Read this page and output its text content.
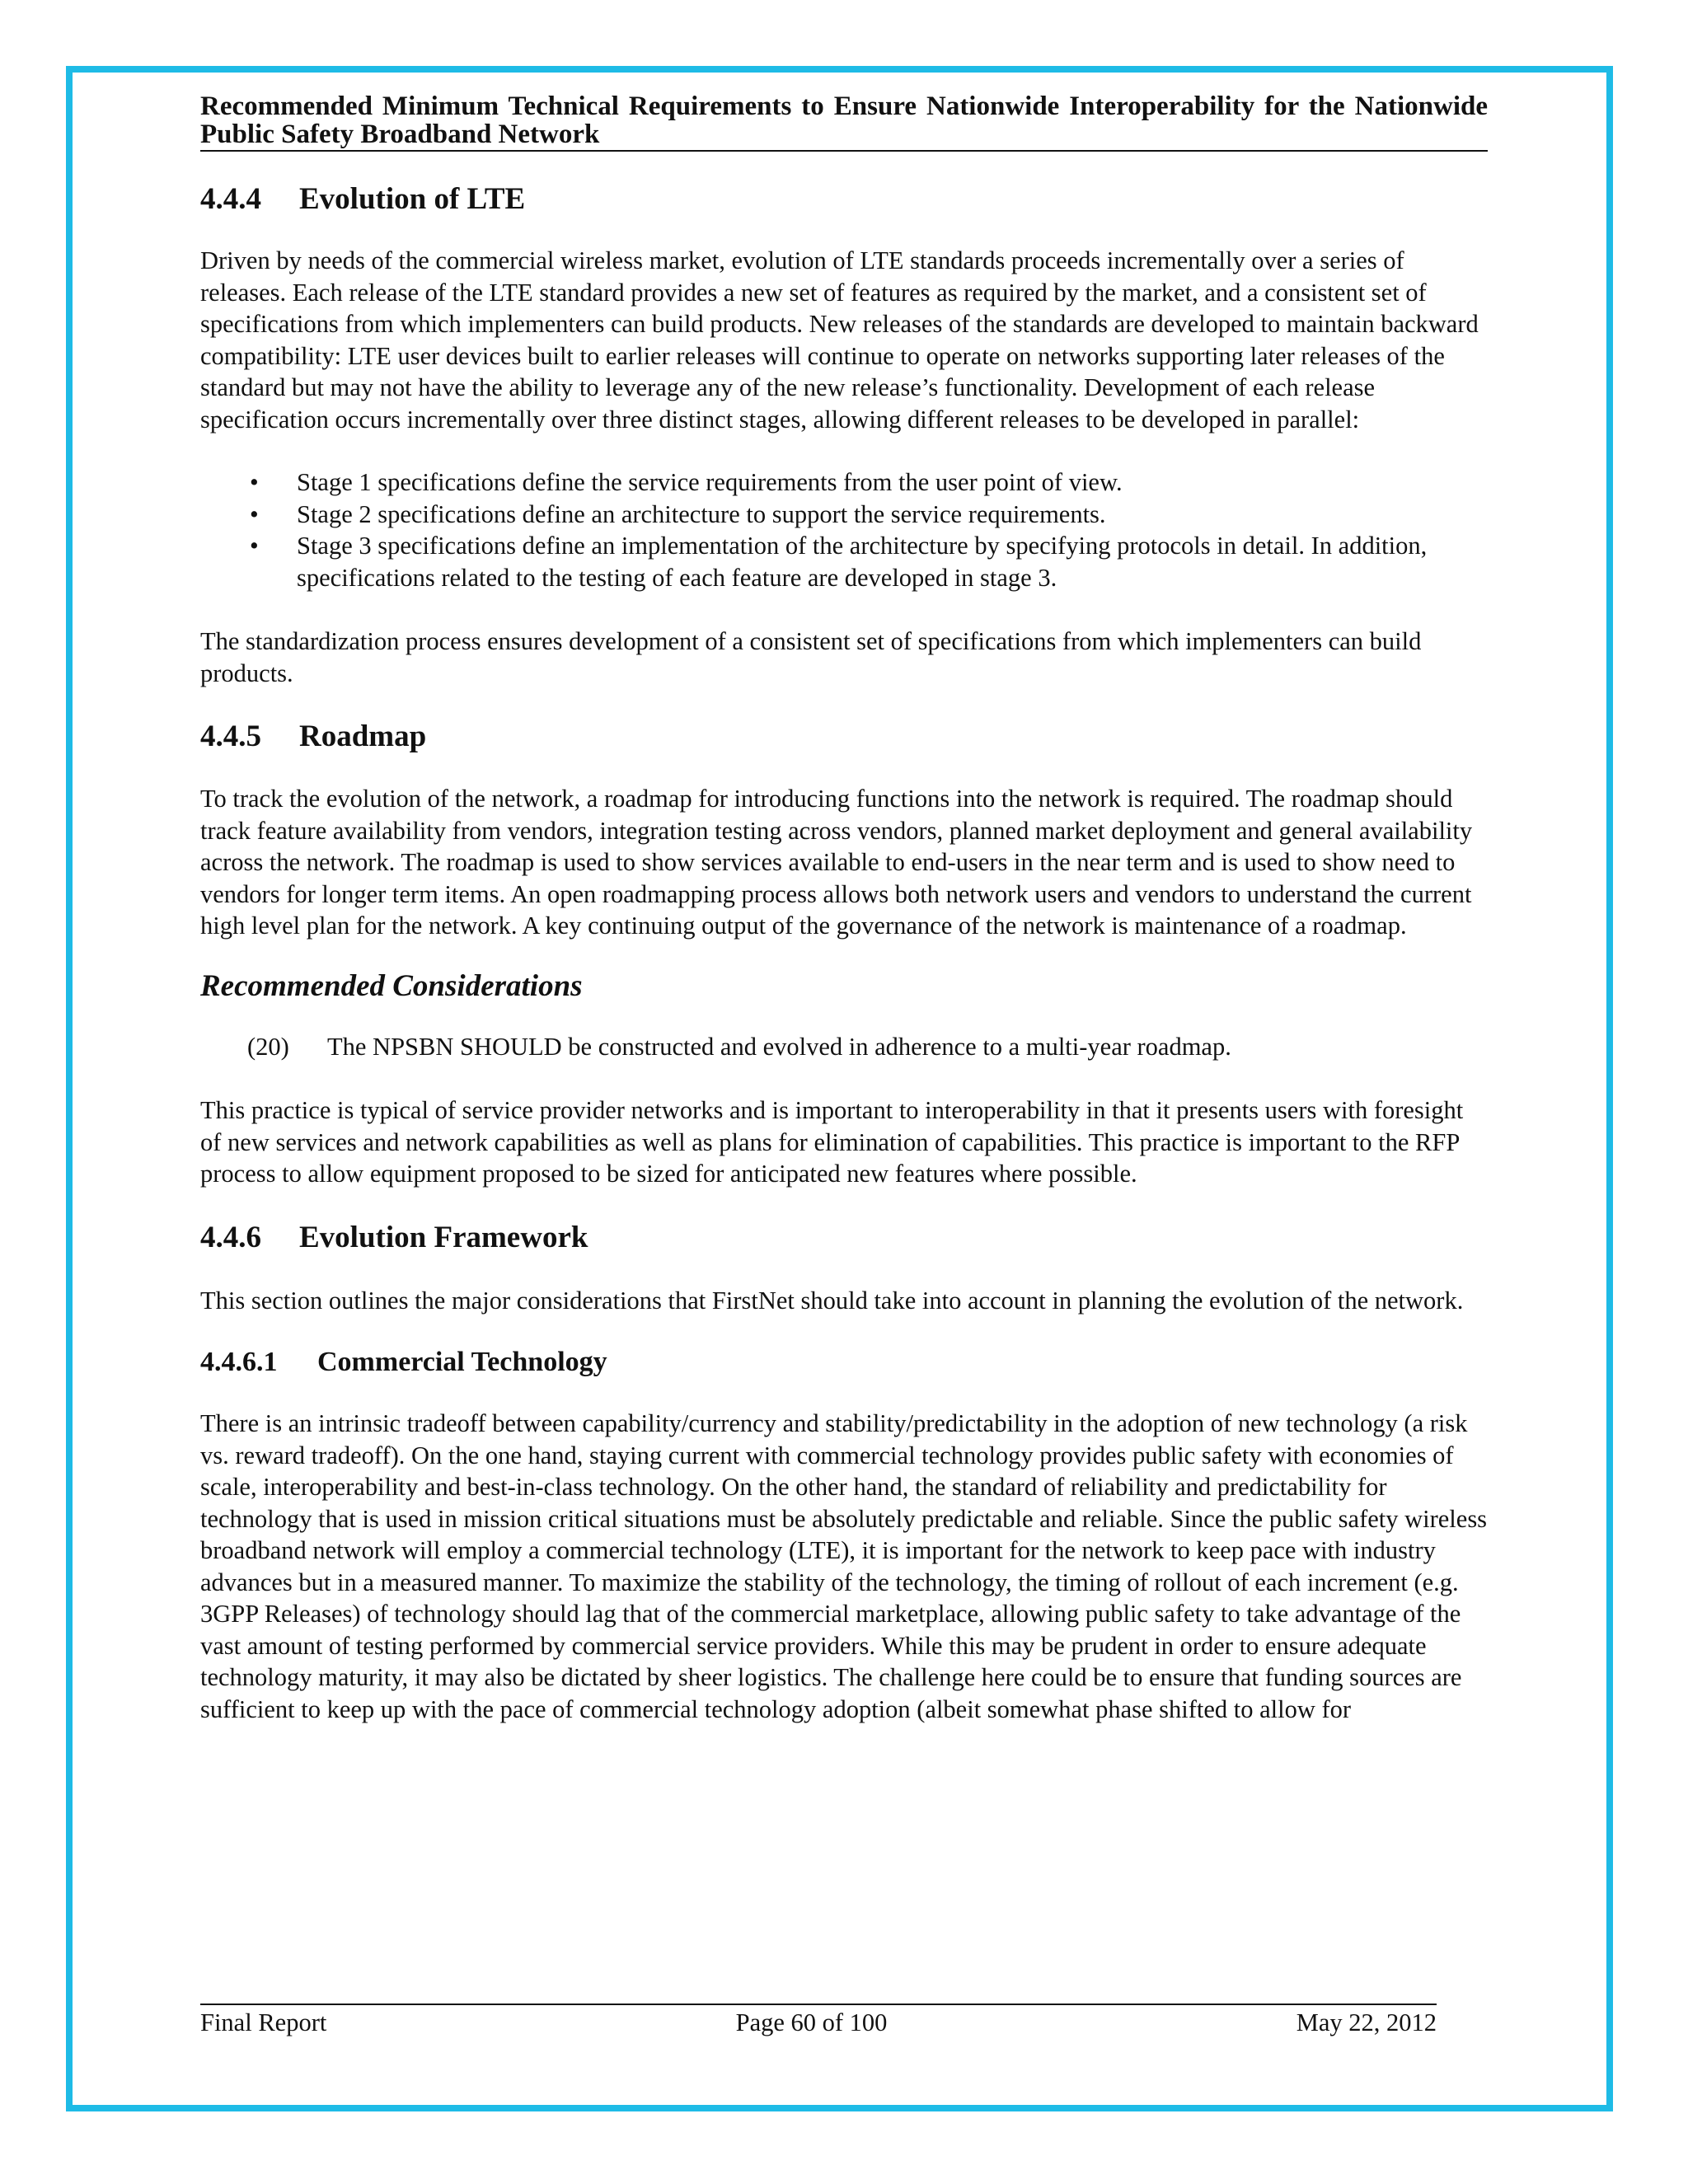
Recommended Minimum Technical Requirements to Ensure Nationwide Interoperability for the Nationwide Public Safety Broadband Network
4.4.4 Evolution of LTE

Driven by needs of the commercial wireless market, evolution of LTE standards proceeds incrementally over a series of releases. Each release of the LTE standard provides a new set of features as required by the market, and a consistent set of specifications from which implementers can build products. New releases of the standards are developed to maintain backward compatibility: LTE user devices built to earlier releases will continue to operate on networks supporting later releases of the standard but may not have the ability to leverage any of the new release’s functionality. Development of each release specification occurs incrementally over three distinct stages, allowing different releases to be developed in parallel:

• Stage 1 specifications define the service requirements from the user point of view.
• Stage 2 specifications define an architecture to support the service requirements.
• Stage 3 specifications define an implementation of the architecture by specifying protocols in detail. In addition, specifications related to the testing of each feature are developed in stage 3.

The standardization process ensures development of a consistent set of specifications from which implementers can build products.

4.4.5 Roadmap

To track the evolution of the network, a roadmap for introducing functions into the network is required. The roadmap should track feature availability from vendors, integration testing across vendors, planned market deployment and general availability across the network. The roadmap is used to show services available to end-users in the near term and is used to show need to vendors for longer term items. An open roadmapping process allows both network users and vendors to understand the current high level plan for the network. A key continuing output of the governance of the network is maintenance of a roadmap.

Recommended Considerations

(20) The NPSBN SHOULD be constructed and evolved in adherence to a multi-year roadmap.

This practice is typical of service provider networks and is important to interoperability in that it presents users with foresight of new services and network capabilities as well as plans for elimination of capabilities. This practice is important to the RFP process to allow equipment proposed to be sized for anticipated new features where possible.

4.4.6 Evolution Framework

This section outlines the major considerations that FirstNet should take into account in planning the evolution of the network.

4.4.6.1 Commercial Technology

There is an intrinsic tradeoff between capability/currency and stability/predictability in the adoption of new technology (a risk vs. reward tradeoff). On the one hand, staying current with commercial technology provides public safety with economies of scale, interoperability and best-in-class technology. On the other hand, the standard of reliability and predictability for technology that is used in mission critical situations must be absolutely predictable and reliable. Since the public safety wireless broadband network will employ a commercial technology (LTE), it is important for the network to keep pace with industry advances but in a measured manner. To maximize the stability of the technology, the timing of rollout of each increment (e.g. 3GPP Releases) of technology should lag that of the commercial marketplace, allowing public safety to take advantage of the vast amount of testing performed by commercial service providers. While this may be prudent in order to ensure adequate technology maturity, it may also be dictated by sheer logistics. The challenge here could be to ensure that funding sources are sufficient to keep up with the pace of commercial technology adoption (albeit somewhat phase shifted to allow for

Final Report	Page 60 of 100	May 22, 2012
